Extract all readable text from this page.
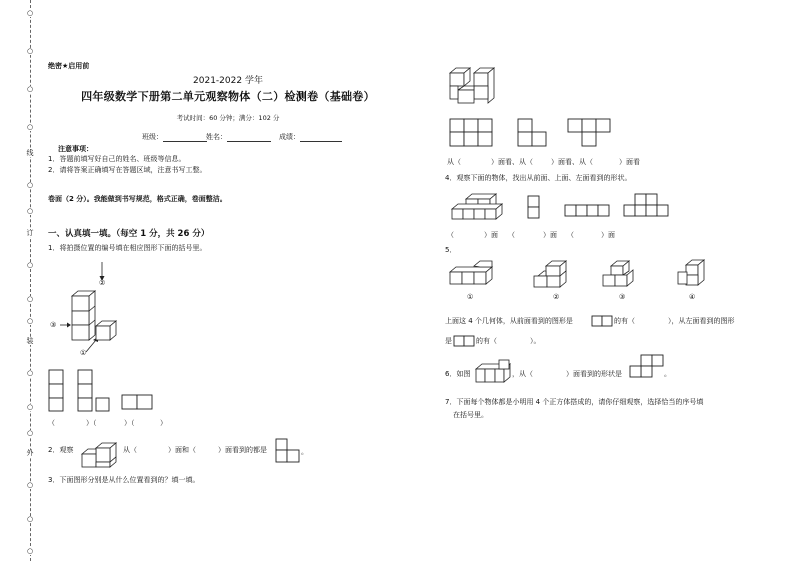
线
订
装
外
○
○
○
○
○
○
○
○
○
○
○
○
○
○
○
绝密★启用前
2021-2022 学年
四年级数学下册第二单元观察物体（二）检测卷（基础卷）
考试时间：60 分钟；满分：102 分
班级：	姓名：	成绩：
注意事项：
1．答题前填写好自己的姓名、班级等信息。
2．请将答案正确填写在答题区域，注意书写工整。
卷面（2 分）。我能做到书写规范，格式正确，卷面整洁。
一、认真填一填。（每空 1 分，共 26 分）
1．将拍摄位置的编号填在相应图形下面的括号里。
②
③
①
（	）（	）（	）
2．观察	从（	）面和（	）面看到的都是	。
3．下面图形分别是从什么位置看到的？填一填。
从（	）面看、从（	）面看、从（	）面看
4．观察下面的物体，找出从前面、上面、左面看到的形状。
（	）面 （	）面 （	）面
5．
①	②	③	④
上面这 4 个几何体，从前面看到的图形是	的有（	），从左面看到的图形
是	的有（	）。
6．如图	，从（	）面看到的形状是	。
7．下面每个物体都是小明用 4 个正方体搭成的，请你仔细观察，选择恰当的序号填
在括号里。
